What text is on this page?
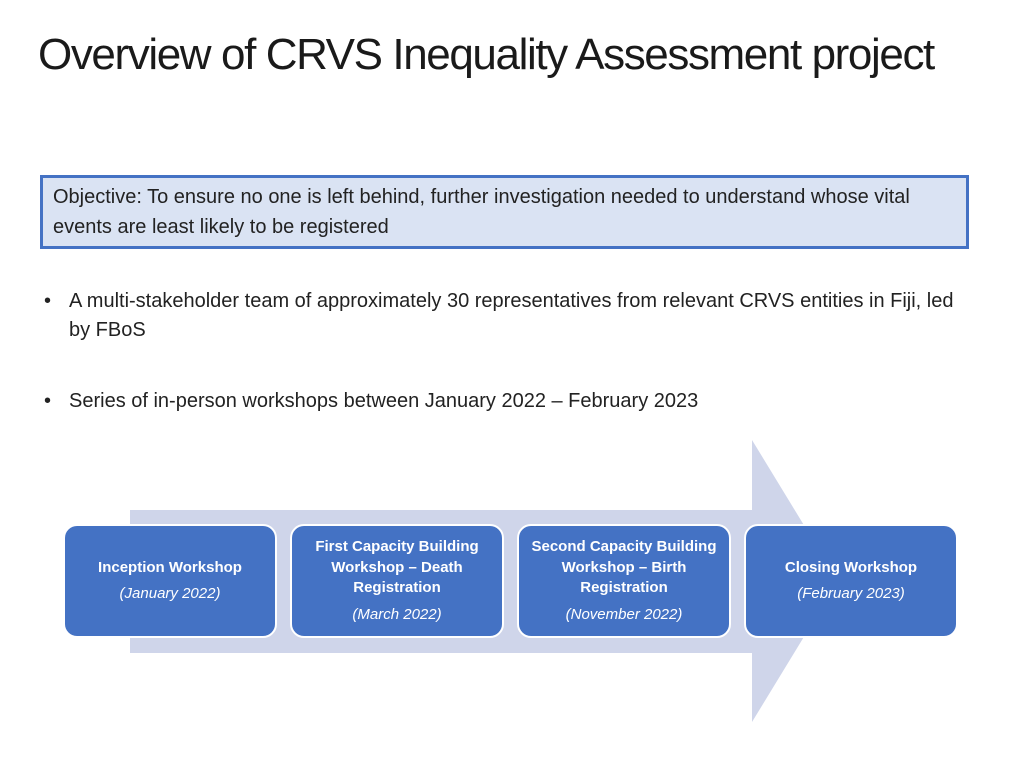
Overview of CRVS Inequality Assessment project
Objective: To ensure no one is left behind, further investigation needed to understand whose vital events are least likely to be registered
• A multi-stakeholder team of approximately 30 representatives from relevant CRVS entities in Fiji, led by FBoS
• Series of in-person workshops between January 2022 – February 2023
Inception Workshop
(January 2022)
First Capacity Building Workshop – Death Registration
(March 2022)
Second Capacity Building Workshop – Birth Registration
(November 2022)
Closing Workshop
(February 2023)
